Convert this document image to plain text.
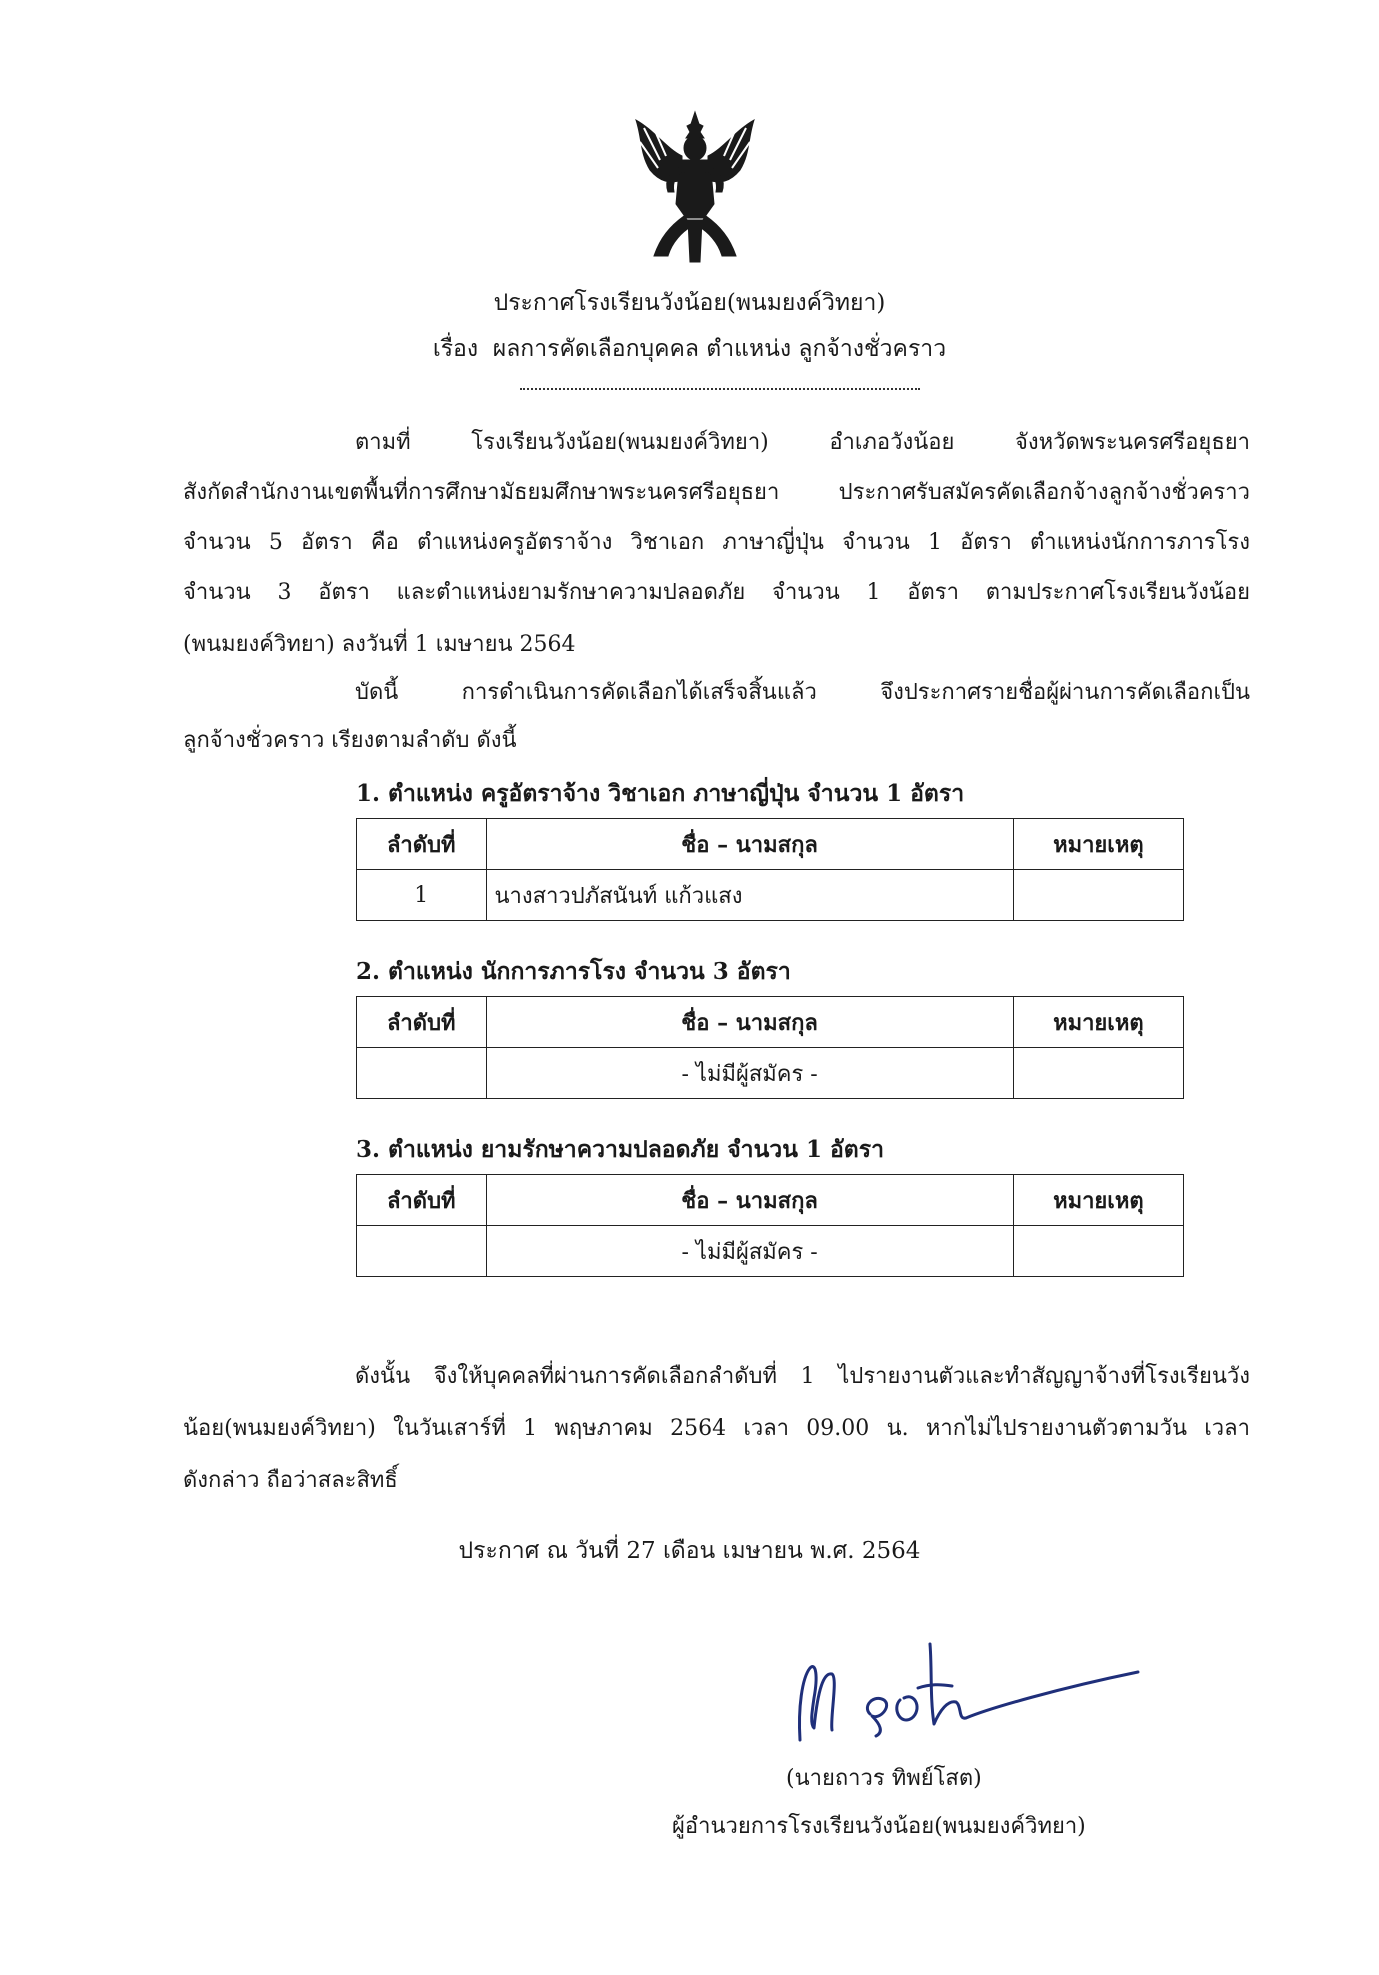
ประกาศโรงเรียนวังน้อย(พนมยงค์วิทยา)
เรื่อง ผลการคัดเลือกบุคคล ตำแหน่ง ลูกจ้างชั่วคราว
ตามที่ โรงเรียนวังน้อย(พนมยงค์วิทยา) อำเภอวังน้อย จังหวัดพระนครศรีอยุธยา
สังกัดสำนักงานเขตพื้นที่การศึกษามัธยมศึกษาพระนครศรีอยุธยา ประกาศรับสมัครคัดเลือกจ้างลูกจ้างชั่วคราว
จำนวน 5 อัตรา คือ ตำแหน่งครูอัตราจ้าง วิชาเอก ภาษาญี่ปุ่น จำนวน 1 อัตรา ตำแหน่งนักการภารโรง
จำนวน 3 อัตรา และตำแหน่งยามรักษาความปลอดภัย จำนวน 1 อัตรา ตามประกาศโรงเรียนวังน้อย
(พนมยงค์วิทยา) ลงวันที่ 1 เมษายน 2564
บัดนี้ การดำเนินการคัดเลือกได้เสร็จสิ้นแล้ว จึงประกาศรายชื่อผู้ผ่านการคัดเลือกเป็น
ลูกจ้างชั่วคราว เรียงตามลำดับ ดังนี้
1. ตำแหน่ง ครูอัตราจ้าง วิชาเอก ภาษาญี่ปุ่น จำนวน 1 อัตรา
ลำดับที่	ชื่อ – นามสกุล	หมายเหตุ
1	นางสาวปภัสนันท์ แก้วแสง	
2. ตำแหน่ง นักการภารโรง จำนวน 3 อัตรา
ลำดับที่	ชื่อ – นามสกุล	หมายเหตุ
	- ไม่มีผู้สมัคร -	
3. ตำแหน่ง ยามรักษาความปลอดภัย จำนวน 1 อัตรา
ลำดับที่	ชื่อ – นามสกุล	หมายเหตุ
	- ไม่มีผู้สมัคร -	
ดังนั้น จึงให้บุคคลที่ผ่านการคัดเลือกลำดับที่ 1 ไปรายงานตัวและทำสัญญาจ้างที่โรงเรียนวัง
น้อย(พนมยงค์วิทยา) ในวันเสาร์ที่ 1 พฤษภาคม 2564 เวลา 09.00 น. หากไม่ไปรายงานตัวตามวัน เวลา
ดังกล่าว ถือว่าสละสิทธิ์
ประกาศ ณ วันที่ 27 เดือน เมษายน พ.ศ. 2564
(นายถาวร ทิพย์โสต)
ผู้อำนวยการโรงเรียนวังน้อย(พนมยงค์วิทยา)
